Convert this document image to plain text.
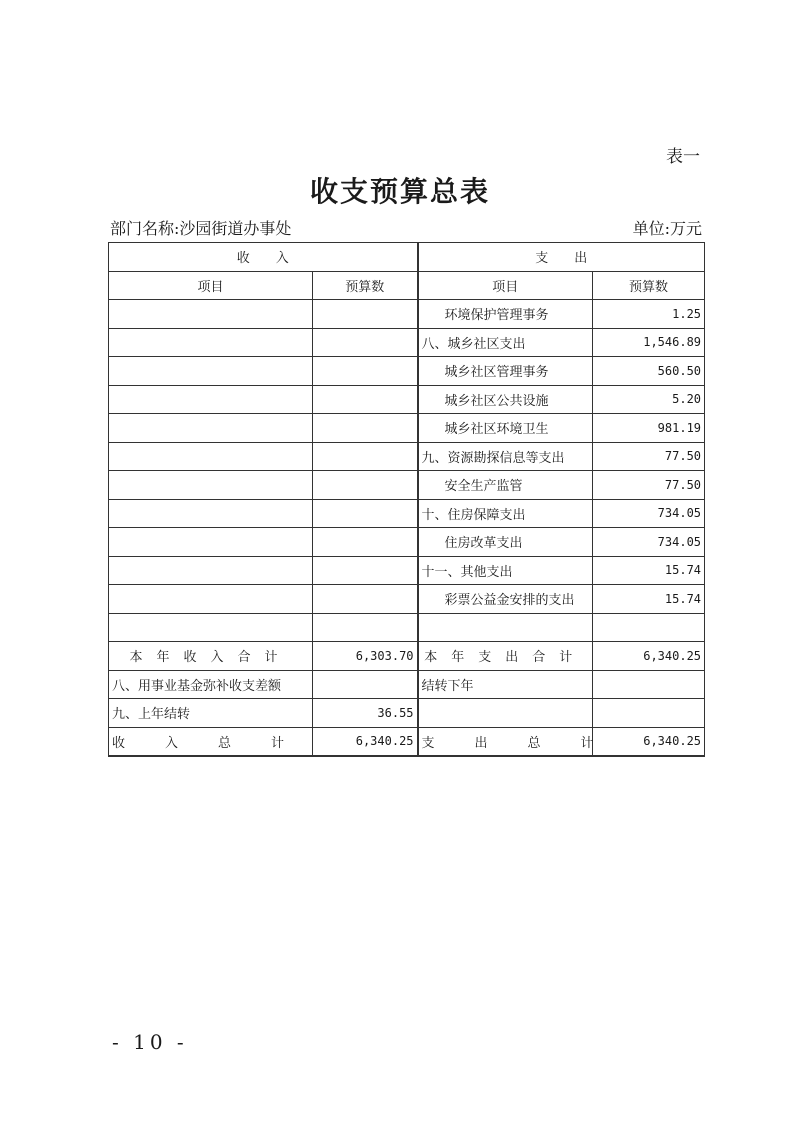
表一
收支预算总表
部门名称:沙园街道办事处	单位:万元
收　　入		支　　出	
项目	预算数	项目	预算数
		环境保护管理事务	1.25
		八、城乡社区支出	1,546.89
		城乡社区管理事务	560.50
		城乡社区公共设施	5.20
		城乡社区环境卫生	981.19
		九、资源勘探信息等支出	77.50
		安全生产监管	77.50
		十、住房保障支出	734.05
		住房改革支出	734.05
		十一、其他支出	15.74
		彩票公益金安排的支出	15.74

本年收入合计	6,303.70	本年支出合计	6,340.25
八、用事业基金弥补收支差额		结转下年	
九、上年结转	36.55		
收入总计	6,340.25	支出总计	6,340.25
- 10 -
